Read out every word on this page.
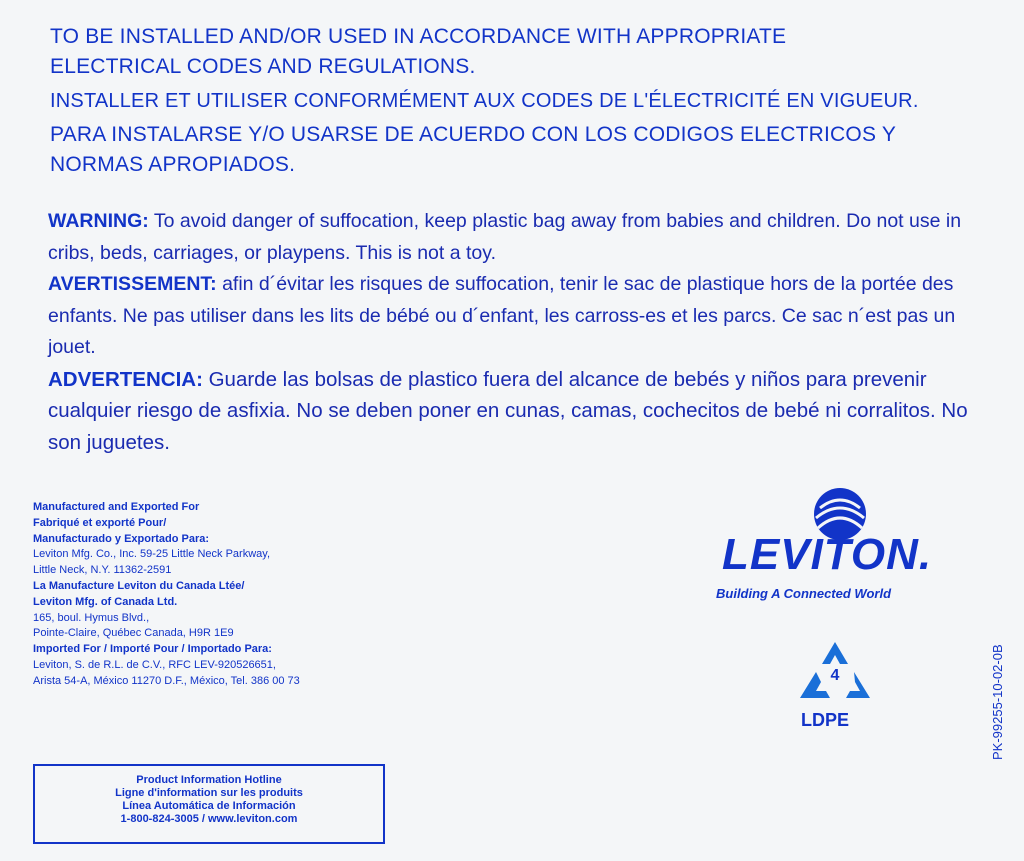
TO BE INSTALLED AND/OR USED IN ACCORDANCE WITH APPROPRIATE
ELECTRICAL CODES AND REGULATIONS.
INSTALLER ET UTILISER CONFORMÉMENT AUX CODES DE L'ÉLECTRICITÉ EN VIGUEUR.
PARA INSTALARSE Y/O USARSE DE ACUERDO CON LOS CODIGOS ELECTRICOS Y
NORMAS APROPIADOS.
WARNING: To avoid danger of suffocation, keep plastic bag away from babies and children. Do not use in cribs, beds, carriages, or playpens. This is not a toy.
AVERTISSEMENT: afin d´évitar les risques de suffocation, tenir le sac de plastique hors de la portée des enfants. Ne pas utiliser dans les lits de bébé ou d´enfant, les carross-es et les parcs. Ce sac n´est pas un jouet.
ADVERTENCIA: Guarde las bolsas de plastico fuera del alcance de bebés y niños para prevenir cualquier riesgo de asfixia. No se deben poner en cunas, camas, cochecitos de bebé ni corralitos. No son juguetes.
Manufactured and Exported For
Fabriqué et exporté Pour/
Manufacturado y Exportado Para:
Leviton Mfg. Co., Inc. 59-25 Little Neck Parkway,
Little Neck, N.Y. 11362-2591
La Manufacture Leviton du Canada Ltée/
Leviton Mfg. of Canada Ltd.
165, boul. Hymus Blvd.,
Pointe-Claire, Québec Canada, H9R 1E9
Imported For / Importé Pour / Importado Para:
Leviton, S. de R.L. de C.V., RFC LEV-920526651,
Arista 54-A, México 11270 D.F., México, Tel. 386 00 73
Product Information Hotline
Ligne d'information sur les produits
Línea Automática de Información
1-800-824-3005 / www.leviton.com
LEVITON.
Building A Connected World
4
LDPE	PK-99255-10-02-0B
